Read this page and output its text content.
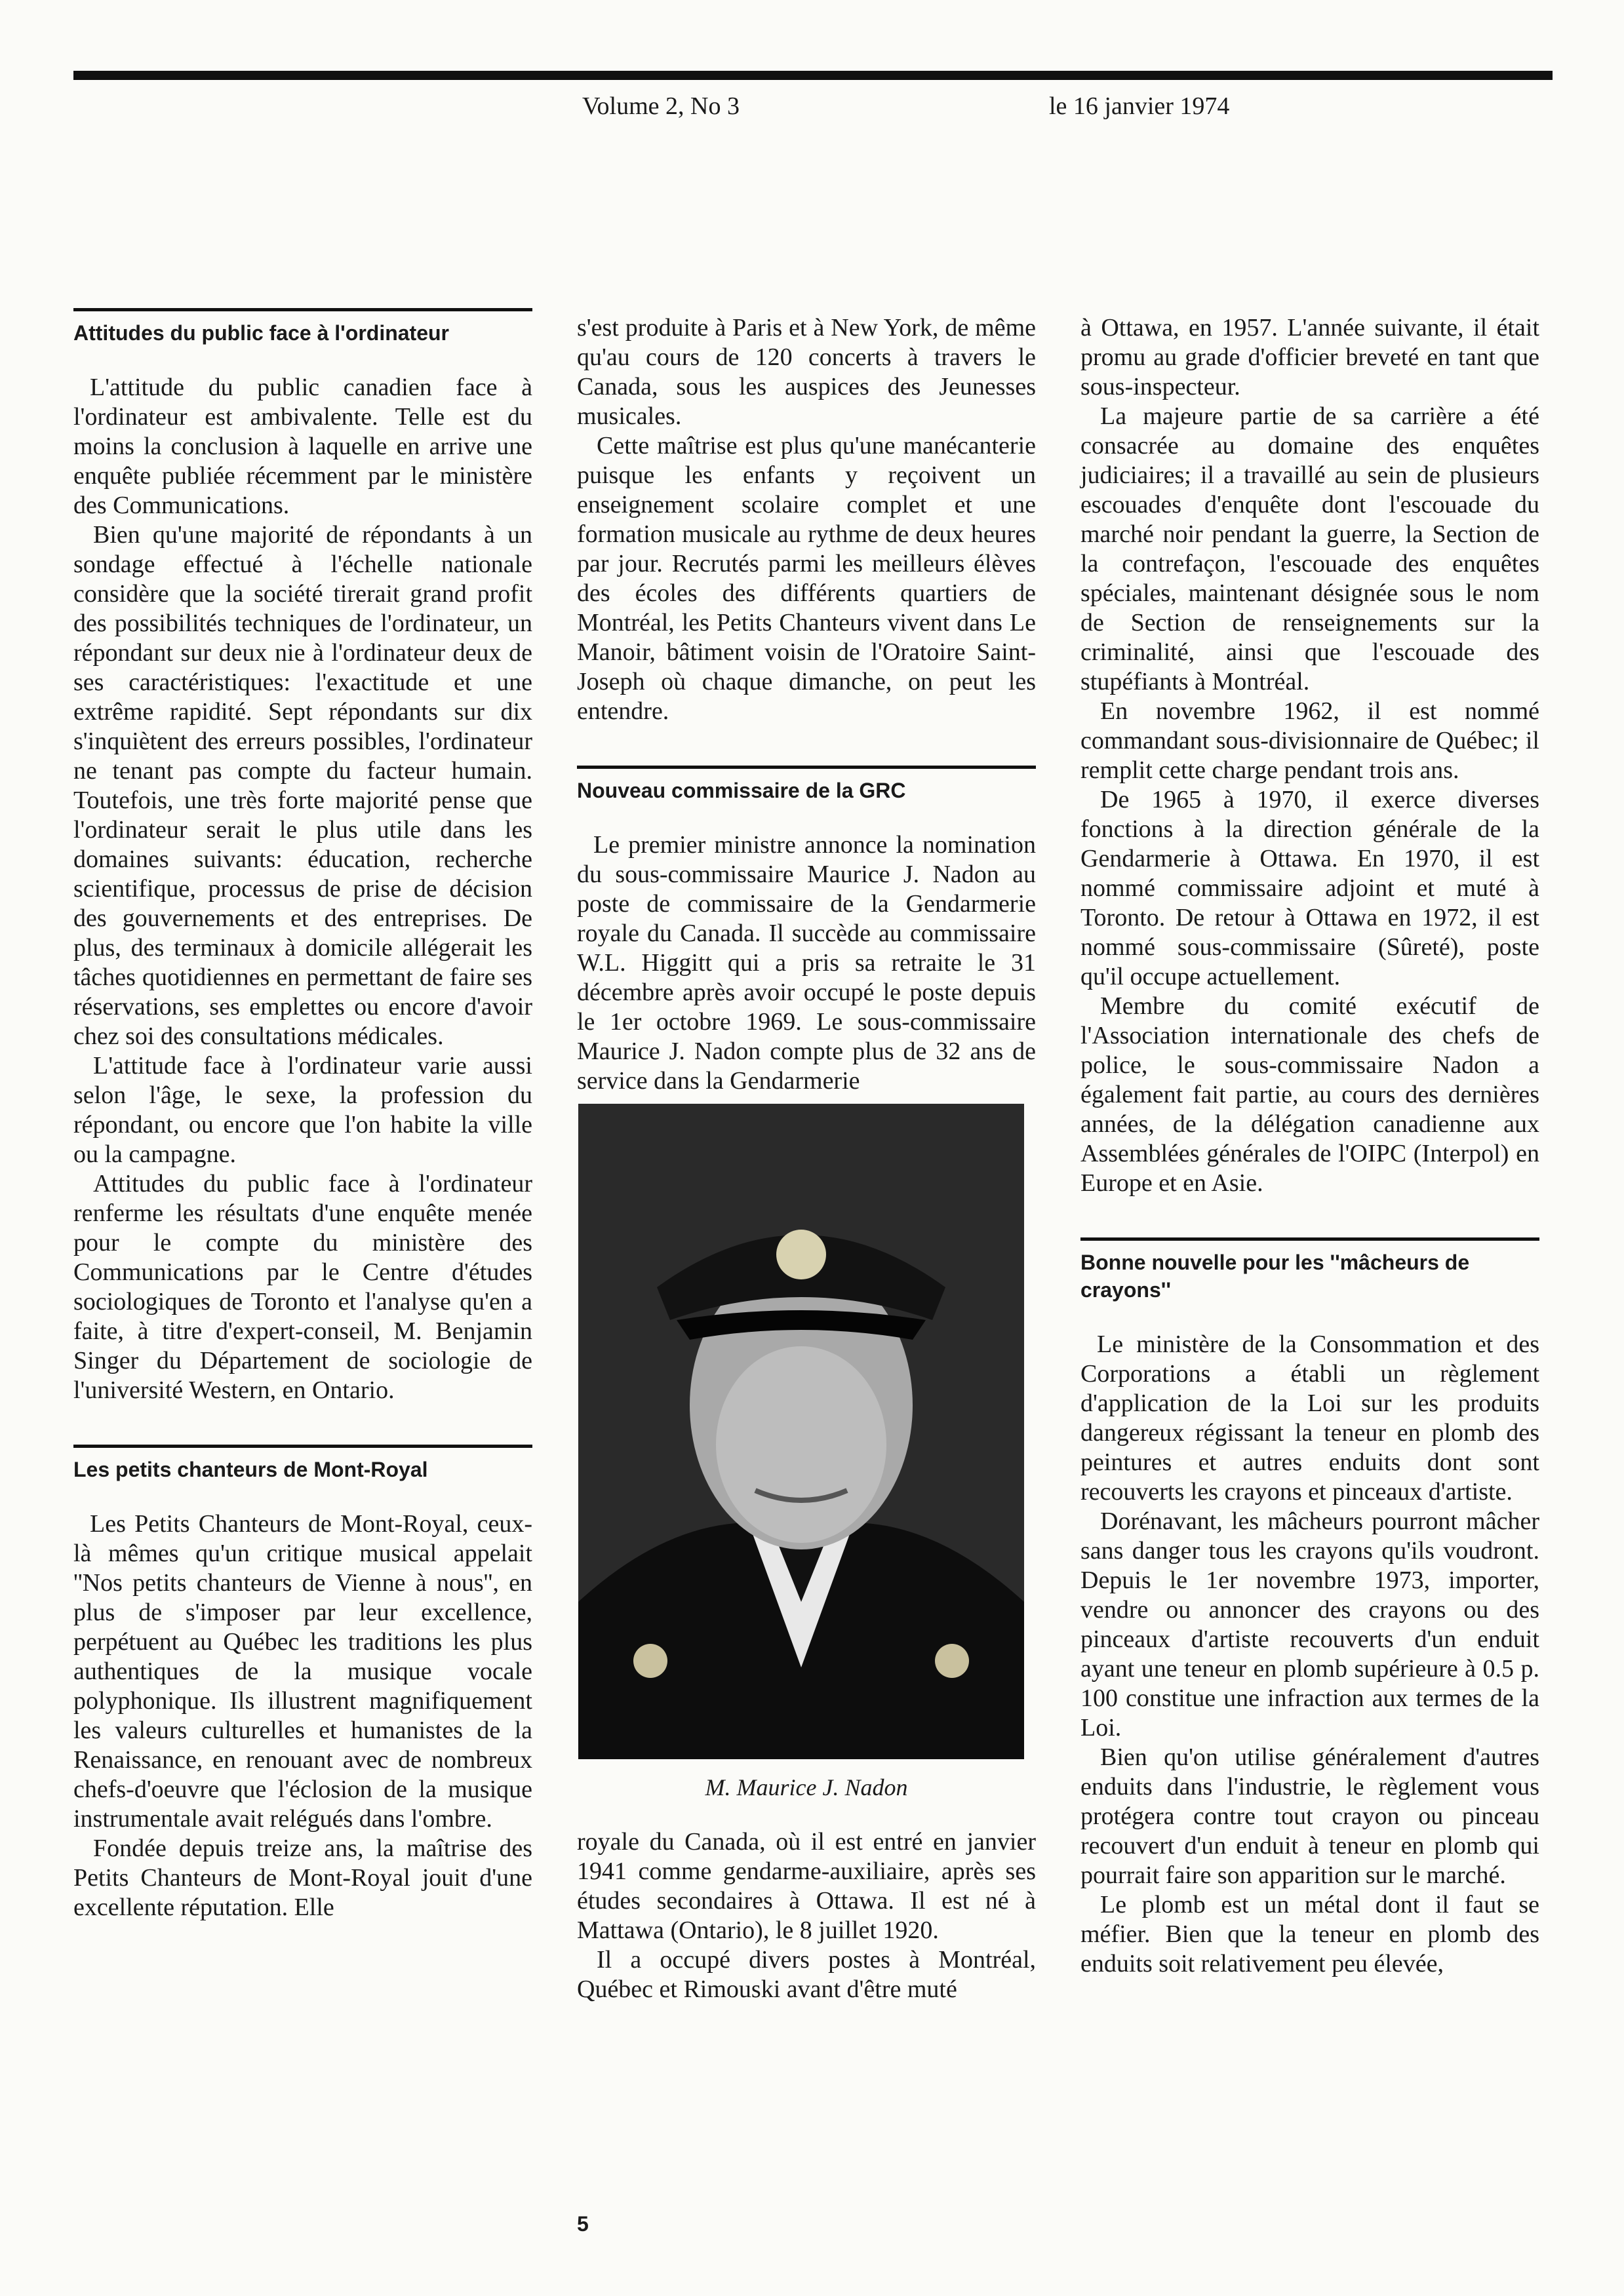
Volume 2, No 3	le 16 janvier 1974
Attitudes du public face à l'ordinateur

L'attitude du public canadien face à l'ordinateur est ambivalente. Telle est du moins la conclusion à laquelle en arrive une enquête publiée récemment par le ministère des Communications.

Bien qu'une majorité de répondants à un sondage effectué à l'échelle nationale considère que la société tirerait grand profit des possibilités techniques de l'ordinateur, un répondant sur deux nie à l'ordinateur deux de ses caractéristiques: l'exactitude et une extrême rapidité. Sept répondants sur dix s'inquiètent des erreurs possibles, l'ordinateur ne tenant pas compte du facteur humain. Toutefois, une très forte majorité pense que l'ordinateur serait le plus utile dans les domaines suivants: éducation, recherche scientifique, processus de prise de décision des gouvernements et des entreprises. De plus, des terminaux à domicile allégerait les tâches quotidiennes en permettant de faire ses réservations, ses emplettes ou encore d'avoir chez soi des consultations médicales.

L'attitude face à l'ordinateur varie aussi selon l'âge, le sexe, la profession du répondant, ou encore que l'on habite la ville ou la campagne.

Attitudes du public face à l'ordinateur renferme les résultats d'une enquête menée pour le compte du ministère des Communications par le Centre d'études sociologiques de Toronto et l'analyse qu'en a faite, à titre d'expert-conseil, M. Benjamin Singer du Département de sociologie de l'université Western, en Ontario.

Les petits chanteurs de Mont-Royal

Les Petits Chanteurs de Mont-Royal, ceux-là mêmes qu'un critique musical appelait ''Nos petits chanteurs de Vienne à nous'', en plus de s'imposer par leur excellence, perpétuent au Québec les traditions les plus authentiques de la musique vocale polyphonique. Ils illustrent magnifiquement les valeurs culturelles et humanistes de la Renaissance, en renouant avec de nombreux chefs-d'oeuvre que l'éclosion de la musique instrumentale avait relégués dans l'ombre.

Fondée depuis treize ans, la maîtrise des Petits Chanteurs de Mont-Royal jouit d'une excellente réputation. Elle

s'est produite à Paris et à New York, de même qu'au cours de 120 concerts à travers le Canada, sous les auspices des Jeunesses musicales.

Cette maîtrise est plus qu'une manécanterie puisque les enfants y reçoivent un enseignement scolaire complet et une formation musicale au rythme de deux heures par jour. Recrutés parmi les meilleurs élèves des écoles des différents quartiers de Montréal, les Petits Chanteurs vivent dans Le Manoir, bâtiment voisin de l'Oratoire Saint-Joseph où chaque dimanche, on peut les entendre.

Nouveau commissaire de la GRC

Le premier ministre annonce la nomination du sous-commissaire Maurice J. Nadon au poste de commissaire de la Gendarmerie royale du Canada. Il succède au commissaire W.L. Higgitt qui a pris sa retraite le 31 décembre après avoir occupé le poste depuis le 1er octobre 1969. Le sous-commissaire Maurice J. Nadon compte plus de 32 ans de service dans la Gendarmerie

M. Maurice J. Nadon

royale du Canada, où il est entré en janvier 1941 comme gendarme-auxiliaire, après ses études secondaires à Ottawa. Il est né à Mattawa (Ontario), le 8 juillet 1920.

Il a occupé divers postes à Montréal, Québec et Rimouski avant d'être muté

à Ottawa, en 1957. L'année suivante, il était promu au grade d'officier breveté en tant que sous-inspecteur.

La majeure partie de sa carrière a été consacrée au domaine des enquêtes judiciaires; il a travaillé au sein de plusieurs escouades d'enquête dont l'escouade du marché noir pendant la guerre, la Section de la contrefaçon, l'escouade des enquêtes spéciales, maintenant désignée sous le nom de Section de renseignements sur la criminalité, ainsi que l'escouade des stupéfiants à Montréal.

En novembre 1962, il est nommé commandant sous-divisionnaire de Québec; il remplit cette charge pendant trois ans.

De 1965 à 1970, il exerce diverses fonctions à la direction générale de la Gendarmerie à Ottawa. En 1970, il est nommé commissaire adjoint et muté à Toronto. De retour à Ottawa en 1972, il est nommé sous-commissaire (Sûreté), poste qu'il occupe actuellement.

Membre du comité exécutif de l'Association internationale des chefs de police, le sous-commissaire Nadon a également fait partie, au cours des dernières années, de la délégation canadienne aux Assemblées générales de l'OIPC (Interpol) en Europe et en Asie.

Bonne nouvelle pour les ''mâcheurs de crayons''

Le ministère de la Consommation et des Corporations a établi un règlement d'application de la Loi sur les produits dangereux régissant la teneur en plomb des peintures et autres enduits dont sont recouverts les crayons et pinceaux d'artiste.

Dorénavant, les mâcheurs pourront mâcher sans danger tous les crayons qu'ils voudront. Depuis le 1er novembre 1973, importer, vendre ou annoncer des crayons ou des pinceaux d'artiste recouverts d'un enduit ayant une teneur en plomb supérieure à 0.5 p. 100 constitue une infraction aux termes de la Loi.

Bien qu'on utilise généralement d'autres enduits dans l'industrie, le règlement vous protégera contre tout crayon ou pinceau recouvert d'un enduit à teneur en plomb qui pourrait faire son apparition sur le marché.

Le plomb est un métal dont il faut se méfier. Bien que la teneur en plomb des enduits soit relativement peu élevée,

5
